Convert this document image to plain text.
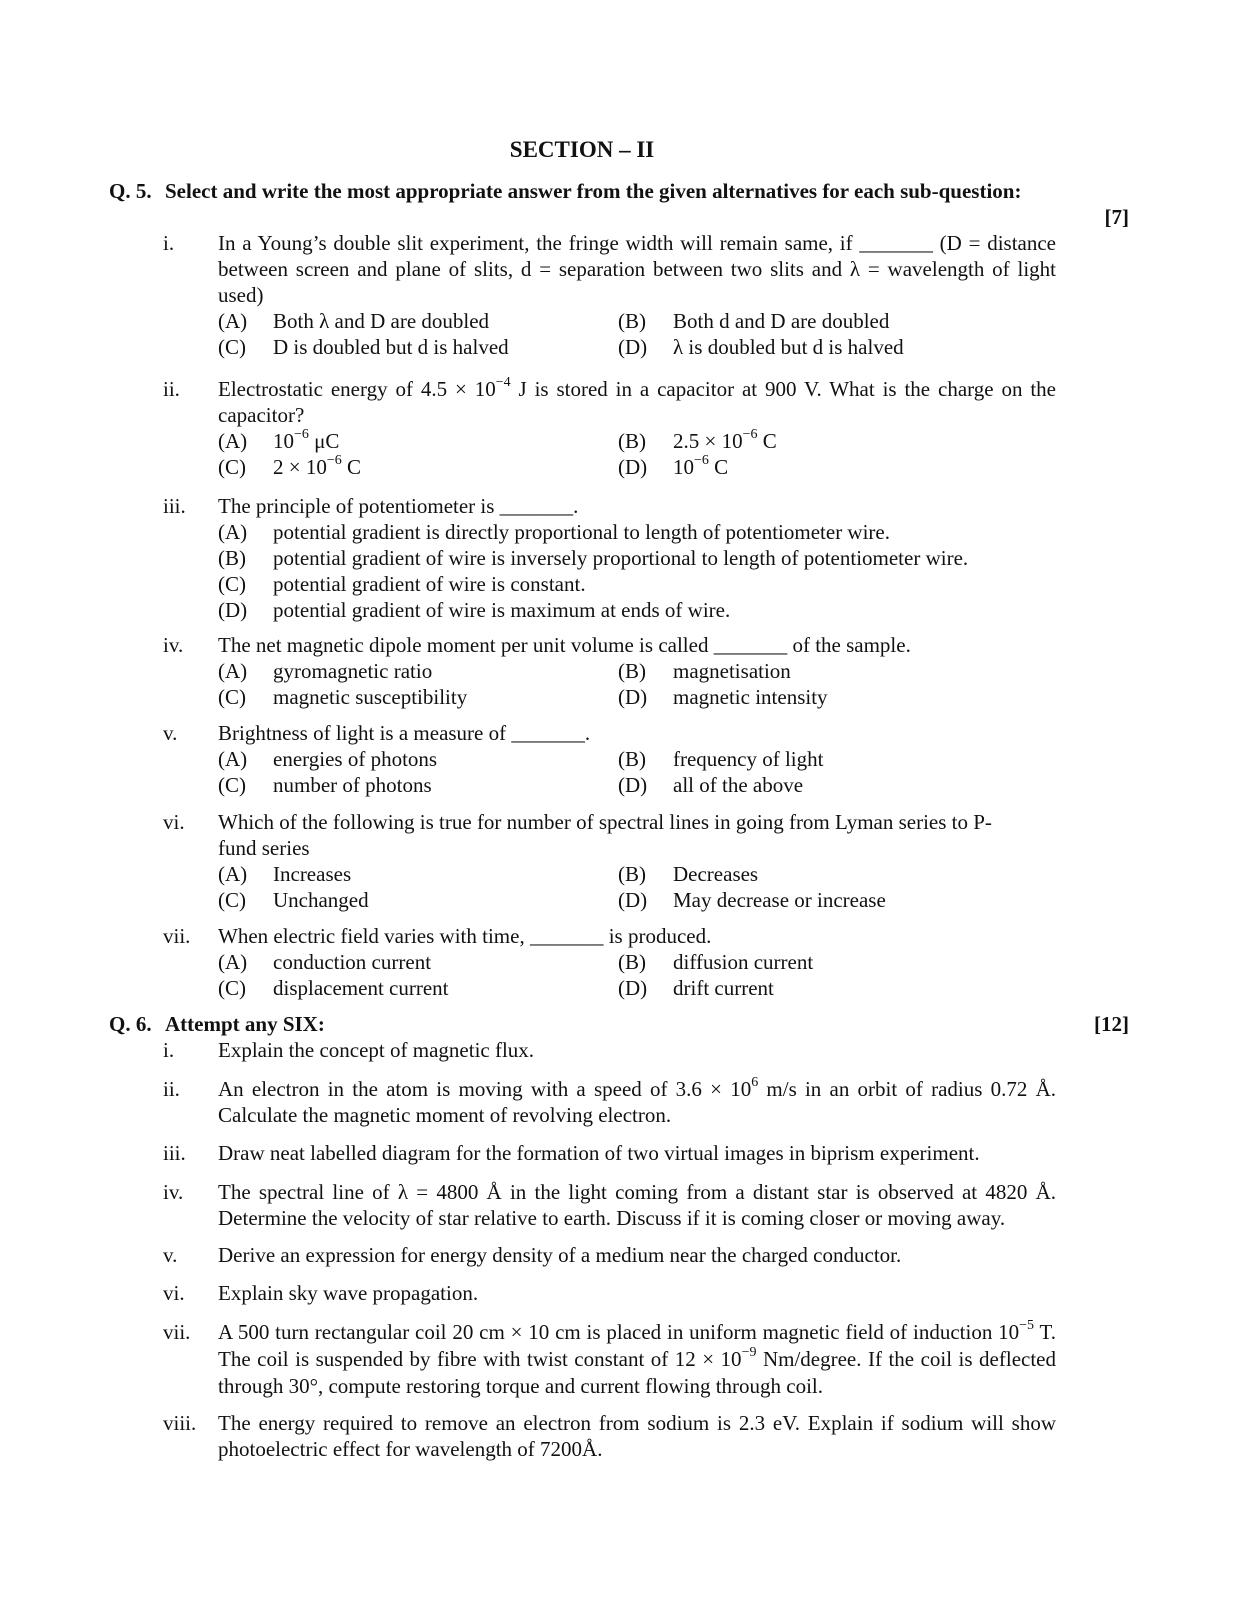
SECTION – II
Q. 5. Select and write the most appropriate answer from the given alternatives for each sub-question:
[7]
i.	In a Young’s double slit experiment, the fringe width will remain same, if _______ (D = distance between screen and plane of slits, d = separation between two slits and λ = wavelength of light used)
(A)	Both λ and D are doubled	(B)	Both d and D are doubled
(C)	D is doubled but d is halved	(D)	λ is doubled but d is halved
ii.	Electrostatic energy of $4.5 \times 10^{-4}$ J is stored in a capacitor at 900 V. What is the charge on the capacitor?
(A)	$10^{-6}$ μC	(B)	$2.5 \times 10^{-6}$ C
(C)	$2 \times 10^{-6}$ C	(D)	$10^{-6}$ C
iii.	The principle of potentiometer is _______.
(A)	potential gradient is directly proportional to length of potentiometer wire.
(B)	potential gradient of wire is inversely proportional to length of potentiometer wire.
(C)	potential gradient of wire is constant.
(D)	potential gradient of wire is maximum at ends of wire.
iv.	The net magnetic dipole moment per unit volume is called _______ of the sample.
(A)	gyromagnetic ratio	(B)	magnetisation
(C)	magnetic susceptibility	(D)	magnetic intensity
v.	Brightness of light is a measure of _______.
(A)	energies of photons	(B)	frequency of light
(C)	number of photons	(D)	all of the above
vi.	Which of the following is true for number of spectral lines in going from Lyman series to P-fund series
(A)	Increases	(B)	Decreases
(C)	Unchanged	(D)	May decrease or increase
vii.	When electric field varies with time, _______ is produced.
(A)	conduction current	(B)	diffusion current
(C)	displacement current	(D)	drift current
Q. 6. Attempt any SIX:	[12]
i.	Explain the concept of magnetic flux.
ii.	An electron in the atom is moving with a speed of $3.6 \times 10^6$ m/s in an orbit of radius 0.72 Å. Calculate the magnetic moment of revolving electron.
iii.	Draw neat labelled diagram for the formation of two virtual images in biprism experiment.
iv.	The spectral line of λ = 4800 Å in the light coming from a distant star is observed at 4820 Å. Determine the velocity of star relative to earth. Discuss if it is coming closer or moving away.
v.	Derive an expression for energy density of a medium near the charged conductor.
vi.	Explain sky wave propagation.
vii.	A 500 turn rectangular coil 20 cm × 10 cm is placed in uniform magnetic field of induction $10^{-5}$ T. The coil is suspended by fibre with twist constant of $12 \times 10^{-9}$ Nm/degree. If the coil is deflected through 30°, compute restoring torque and current flowing through coil.
viii.	The energy required to remove an electron from sodium is 2.3 eV. Explain if sodium will show photoelectric effect for wavelength of 7200Å.
